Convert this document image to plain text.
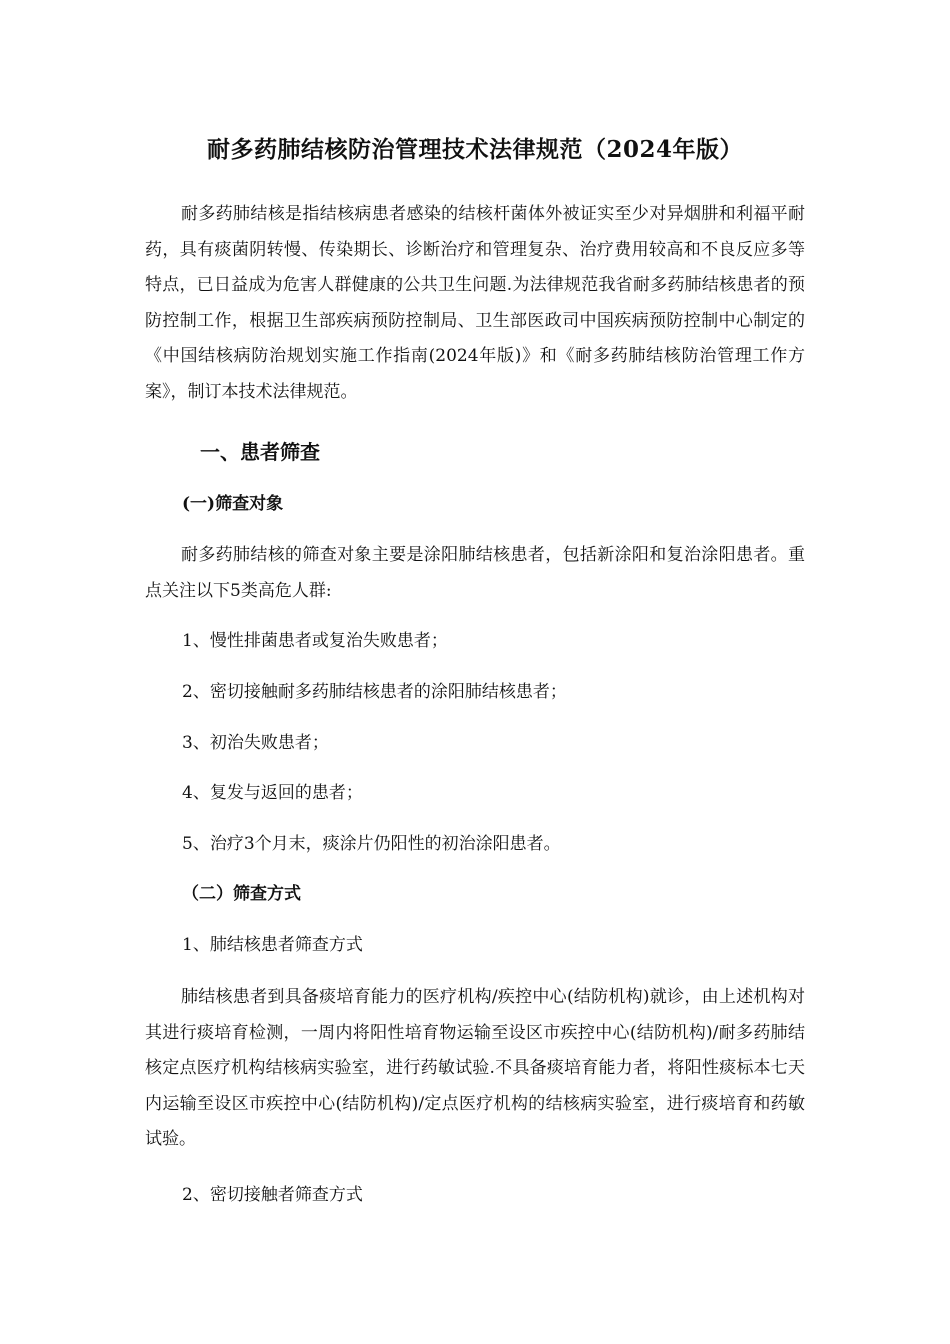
耐多药肺结核防治管理技术法律规范（2024年版）

耐多药肺结核是指结核病患者感染的结核杆菌体外被证实至少对异烟肼和利福平耐药，具有痰菌阴转慢、传染期长、诊断治疗和管理复杂、治疗费用较高和不良反应多等特点，已日益成为危害人群健康的公共卫生问题.为法律规范我省耐多药肺结核患者的预防控制工作，根据卫生部疾病预防控制局、卫生部医政司中国疾病预防控制中心制定的《中国结核病防治规划实施工作指南(2024年版)》和《耐多药肺结核防治管理工作方案》，制订本技术法律规范。

一、患者筛查

(一)筛查对象

耐多药肺结核的筛查对象主要是涂阳肺结核患者，包括新涂阳和复治涂阳患者。重点关注以下5类高危人群:

1、慢性排菌患者或复治失败患者；

2、密切接触耐多药肺结核患者的涂阳肺结核患者；

3、初治失败患者；

4、复发与返回的患者；

5、治疗3个月末，痰涂片仍阳性的初治涂阳患者。

（二）筛查方式

1、肺结核患者筛查方式

肺结核患者到具备痰培育能力的医疗机构/疾控中心(结防机构)就诊，由上述机构对其进行痰培育检测，一周内将阳性培育物运输至设区市疾控中心(结防机构)/耐多药肺结核定点医疗机构结核病实验室，进行药敏试验.不具备痰培育能力者，将阳性痰标本七天内运输至设区市疾控中心(结防机构)/定点医疗机构的结核病实验室，进行痰培育和药敏试验。

2、密切接触者筛查方式
